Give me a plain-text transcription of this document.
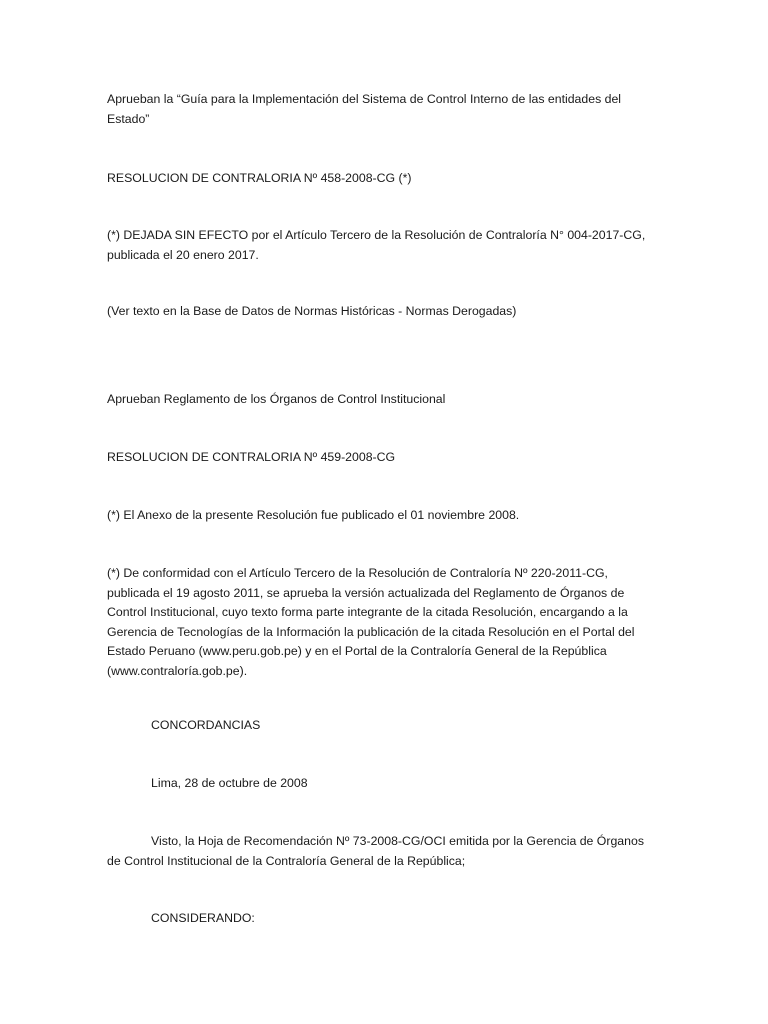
Aprueban la “Guía para la Implementación del Sistema de Control Interno de las entidades del
Estado”

RESOLUCION DE CONTRALORIA Nº 458-2008-CG (*)

(*) DEJADA SIN EFECTO por el Artículo Tercero de la Resolución de Contraloría N° 004-2017-CG,
publicada el 20 enero 2017.

(Ver texto en la Base de Datos de Normas Históricas - Normas Derogadas)

Aprueban Reglamento de los Órganos de Control Institucional

RESOLUCION DE CONTRALORIA Nº 459-2008-CG

(*) El Anexo de la presente Resolución fue publicado el 01 noviembre 2008.

(*) De conformidad con el Artículo Tercero de la Resolución de Contraloría Nº 220-2011-CG,
publicada el 19 agosto 2011, se aprueba la versión actualizada del Reglamento de Órganos de
Control Institucional, cuyo texto forma parte integrante de la citada Resolución, encargando a la
Gerencia de Tecnologías de la Información la publicación de la citada Resolución en el Portal del
Estado Peruano (www.peru.gob.pe) y en el Portal de la Contraloría General de la República
(www.contraloría.gob.pe).

CONCORDANCIAS

Lima, 28 de octubre de 2008

Visto, la Hoja de Recomendación Nº 73-2008-CG/OCI emitida por la Gerencia de Órganos
de Control Institucional de la Contraloría General de la República;

CONSIDERANDO:
